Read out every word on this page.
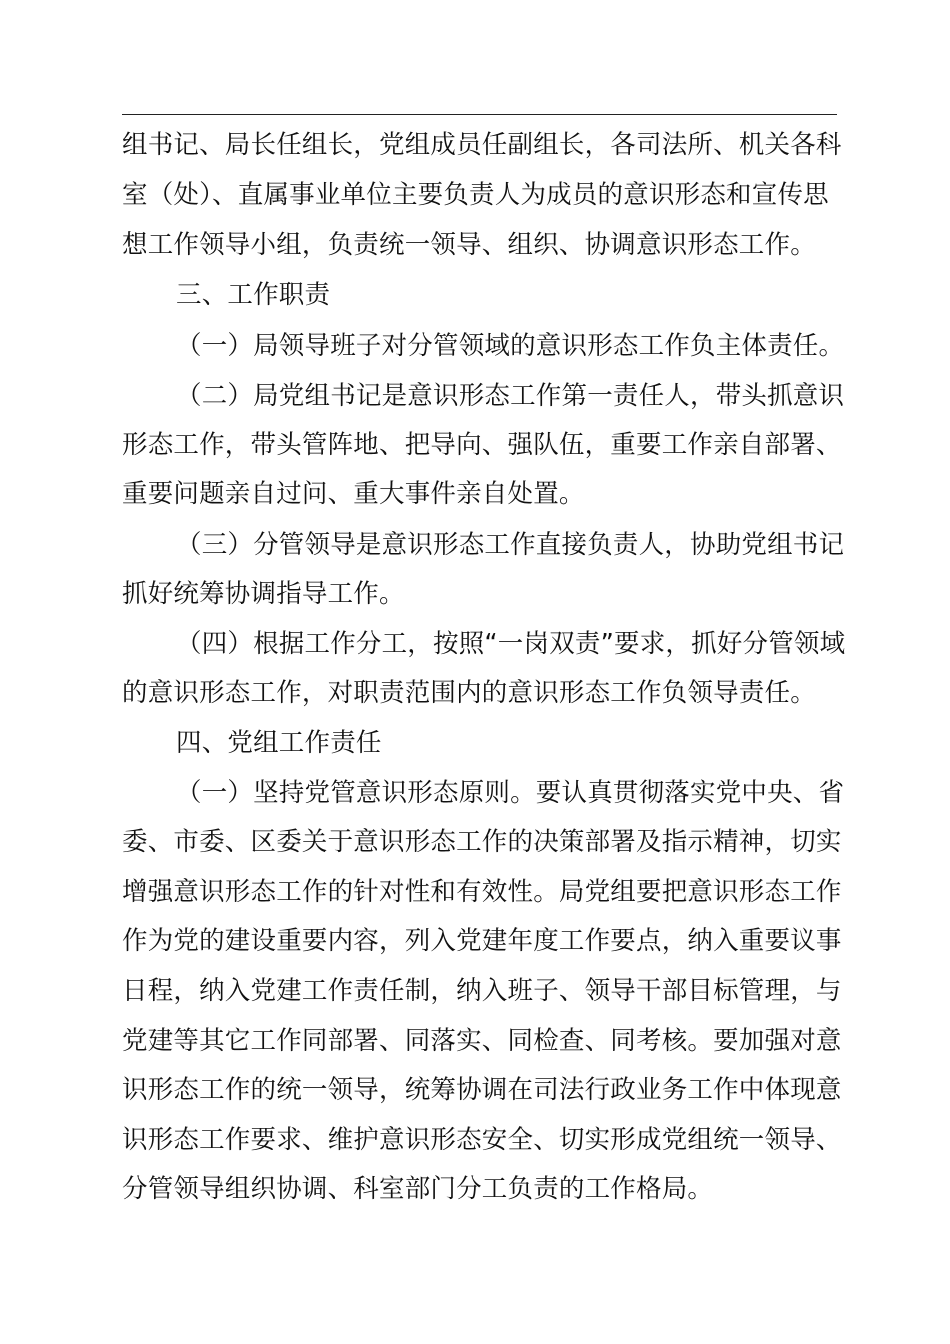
组书记、局长任组长，党组成员任副组长，各司法所、机关各科
室（处）、直属事业单位主要负责人为成员的意识形态和宣传思
想工作领导小组，负责统一领导、组织、协调意识形态工作。
三、工作职责
（一）局领导班子对分管领域的意识形态工作负主体责任。
（二）局党组书记是意识形态工作第一责任人，带头抓意识
形态工作，带头管阵地、把导向、强队伍，重要工作亲自部署、
重要问题亲自过问、重大事件亲自处置。
（三）分管领导是意识形态工作直接负责人，协助党组书记
抓好统筹协调指导工作。
（四）根据工作分工，按照“一岗双责”要求，抓好分管领域
的意识形态工作，对职责范围内的意识形态工作负领导责任。
四、党组工作责任
（一）坚持党管意识形态原则。要认真贯彻落实党中央、省
委、市委、区委关于意识形态工作的决策部署及指示精神，切实
增强意识形态工作的针对性和有效性。局党组要把意识形态工作
作为党的建设重要内容，列入党建年度工作要点，纳入重要议事
日程，纳入党建工作责任制，纳入班子、领导干部目标管理，与
党建等其它工作同部署、同落实、同检查、同考核。要加强对意
识形态工作的统一领导，统筹协调在司法行政业务工作中体现意
识形态工作要求、维护意识形态安全、切实形成党组统一领导、
分管领导组织协调、科室部门分工负责的工作格局。
